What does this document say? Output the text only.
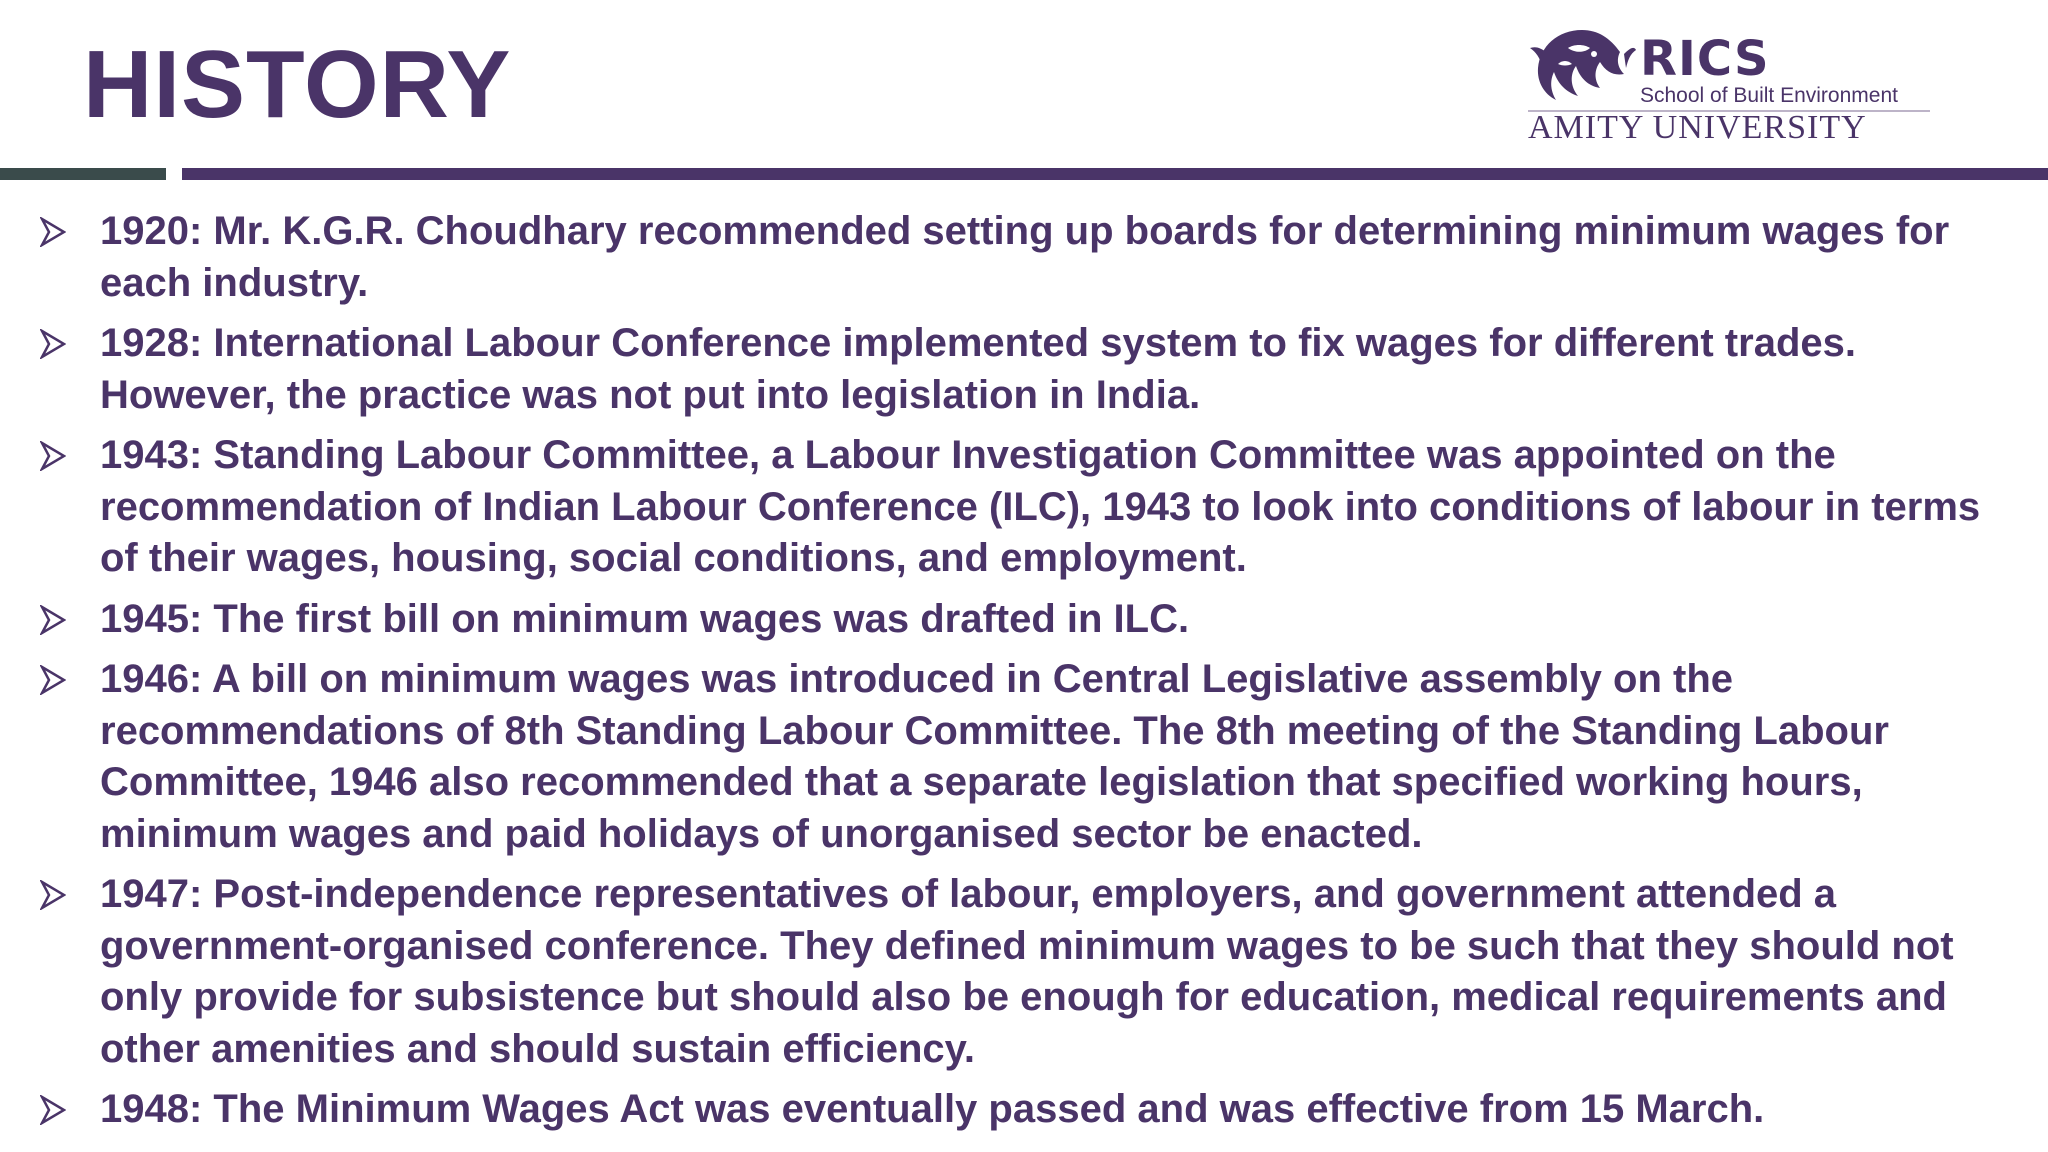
HISTORY	RICS
School of Built Environment
AMITY UNIVERSITY
1920: Mr. K.G.R. Choudhary recommended setting up boards for determining minimum wages for each industry.
1928: International Labour Conference implemented system to fix wages for different trades. However, the practice was not put into legislation in India.
1943: Standing Labour Committee, a Labour Investigation Committee was appointed on the recommendation of Indian Labour Conference (ILC), 1943 to look into conditions of labour in terms of their wages, housing, social conditions, and employment.
1945: The first bill on minimum wages was drafted in ILC.
1946: A bill on minimum wages was introduced in Central Legislative assembly on the recommendations of 8th Standing Labour Committee. The 8th meeting of the Standing Labour Committee, 1946 also recommended that a separate legislation that specified working hours, minimum wages and paid holidays of unorganised sector be enacted.
1947: Post-independence representatives of labour, employers, and government attended a government-organised conference. They defined minimum wages to be such that they should not only provide for subsistence but should also be enough for education, medical requirements and other amenities and should sustain efficiency.
1948: The Minimum Wages Act was eventually passed and was effective from 15 March.
